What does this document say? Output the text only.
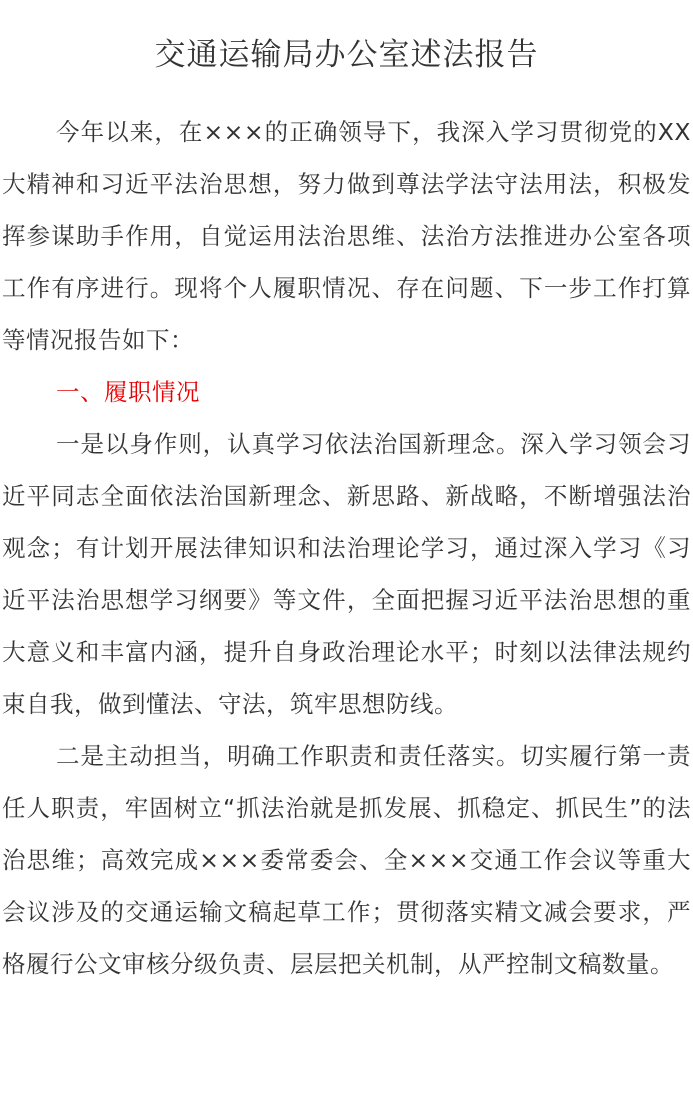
交通运输局办公室述法报告

今年以来，在×××的正确领导下，我深入学习贯彻党的XX 大精神和习近平法治思想，努力做到尊法学法守法用法，积极发挥参谋助手作用，自觉运用法治思维、法治方法推进办公室各项工作有序进行。现将个人履职情况、存在问题、下一步工作打算等情况报告如下：

一、履职情况

一是以身作则，认真学习依法治国新理念。深入学习领会习近平同志全面依法治国新理念、新思路、新战略，不断增强法治观念；有计划开展法律知识和法治理论学习，通过深入学习《习近平法治思想学习纲要》等文件，全面把握习近平法治思想的重大意义和丰富内涵，提升自身政治理论水平；时刻以法律法规约束自我，做到懂法、守法，筑牢思想防线。

二是主动担当，明确工作职责和责任落实。切实履行第一责任人职责，牢固树立“抓法治就是抓发展、抓稳定、抓民生”的法治思维；高效完成×××委常委会、全×××交通工作会议等重大会议涉及的交通运输文稿起草工作；贯彻落实精文减会要求，严格履行公文审核分级负责、层层把关机制，从严控制文稿数量。
